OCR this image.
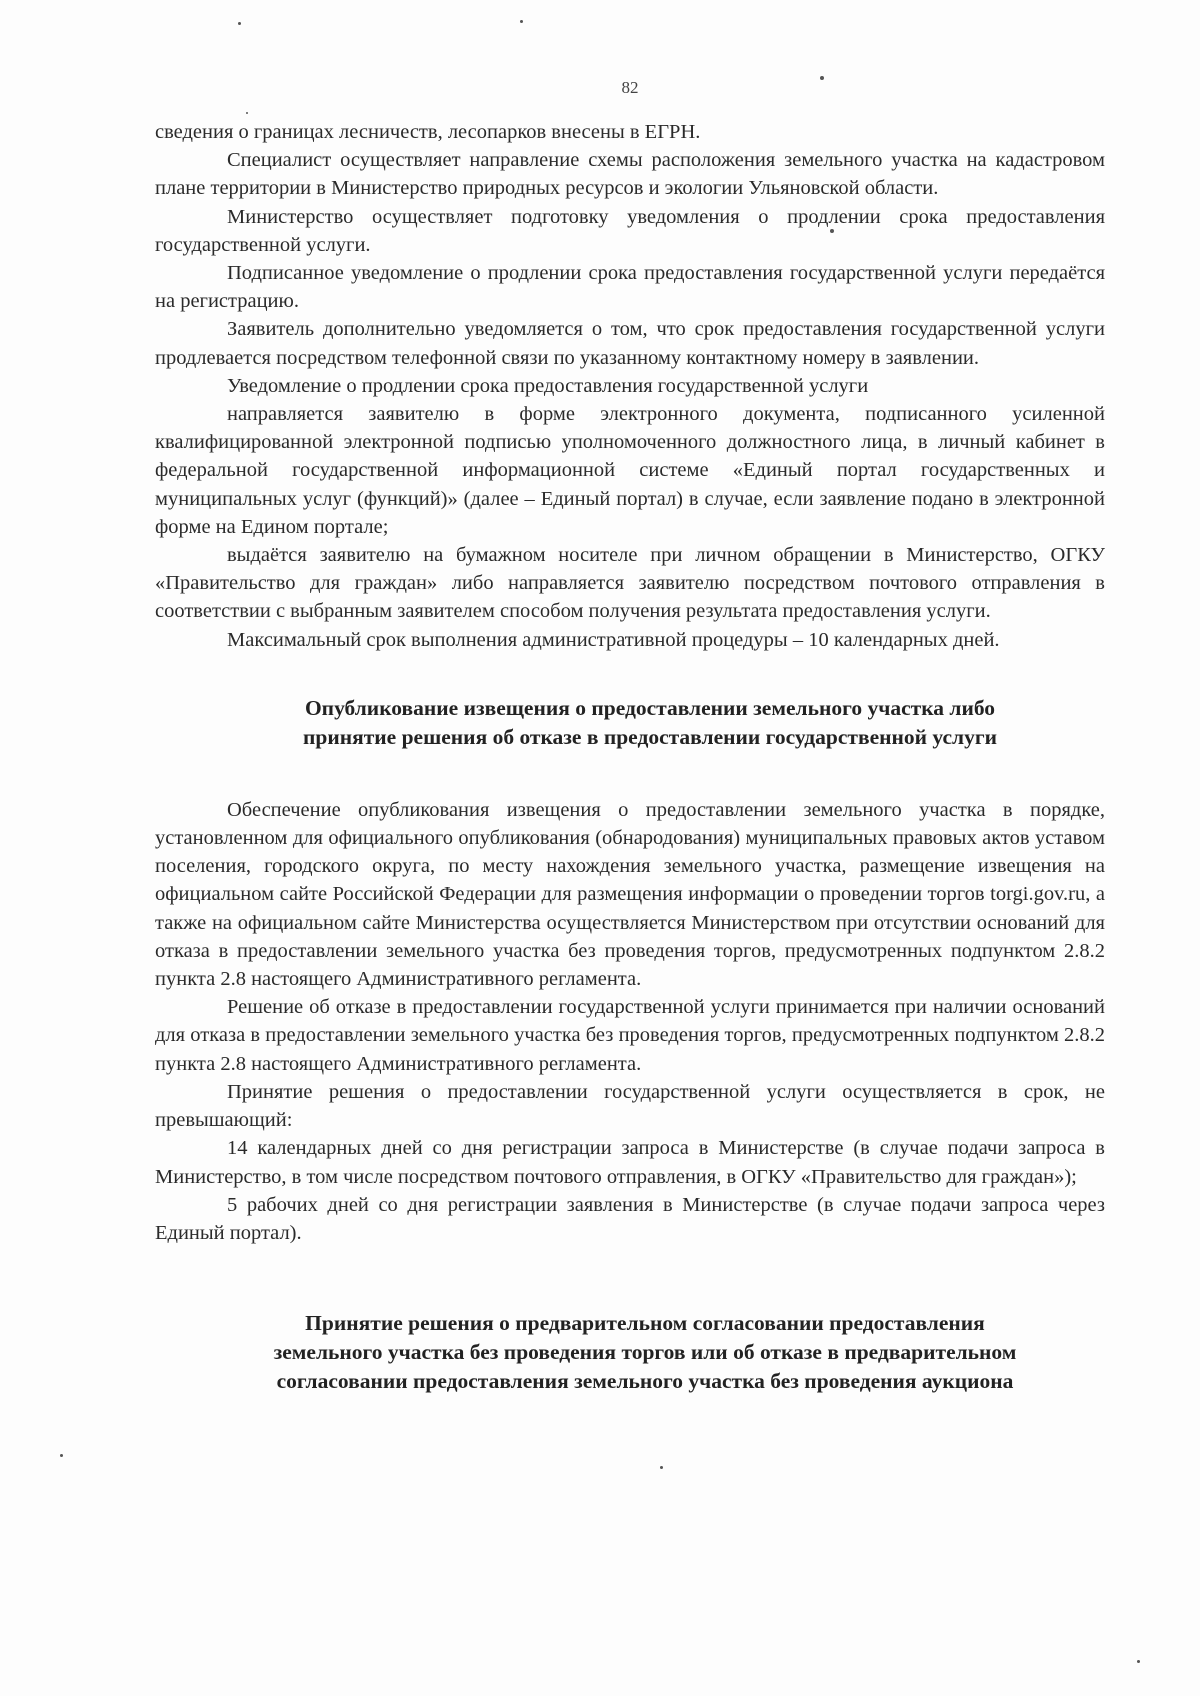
82

сведения о границах лесничеств, лесопарков внесены в ЕГРН.

Специалист осуществляет направление схемы расположения земельного участка на кадастровом плане территории в Министерство природных ресурсов и экологии Ульяновской области.

Министерство осуществляет подготовку уведомления о продлении срока предоставления государственной услуги.

Подписанное уведомление о продлении срока предоставления государственной услуги передаётся на регистрацию.

Заявитель дополнительно уведомляется о том, что срок предоставления государственной услуги продлевается посредством телефонной связи по указанному контактному номеру в заявлении.

Уведомление о продлении срока предоставления государственной услуги

направляется заявителю в форме электронного документа, подписанного усиленной квалифицированной электронной подписью уполномоченного должностного лица, в личный кабинет в федеральной государственной информационной системе «Единый портал государственных и муниципальных услуг (функций)» (далее – Единый портал) в случае, если заявление подано в электронной форме на Едином портале;

выдаётся заявителю на бумажном носителе при личном обращении в Министерство, ОГКУ «Правительство для граждан» либо направляется заявителю посредством почтового отправления в соответствии с выбранным заявителем способом получения результата предоставления услуги.

Максимальный срок выполнения административной процедуры – 10 календарных дней.

Опубликование извещения о предоставлении земельного участка либо
принятие решения об отказе в предоставлении государственной услуги

Обеспечение опубликования извещения о предоставлении земельного участка в порядке, установленном для официального опубликования (обнародования) муниципальных правовых актов уставом поселения, городского округа, по месту нахождения земельного участка, размещение извещения на официальном сайте Российской Федерации для размещения информации о проведении торгов torgi.gov.ru, а также на официальном сайте Министерства осуществляется Министерством при отсутствии оснований для отказа в предоставлении земельного участка без проведения торгов, предусмотренных подпунктом 2.8.2 пункта 2.8 настоящего Административного регламента.

Решение об отказе в предоставлении государственной услуги принимается при наличии оснований для отказа в предоставлении земельного участка без проведения торгов, предусмотренных подпунктом 2.8.2 пункта 2.8 настоящего Административного регламента.

Принятие решения о предоставлении государственной услуги осуществляется в срок, не превышающий:

14 календарных дней со дня регистрации запроса в Министерстве (в случае подачи запроса в Министерство, в том числе посредством почтового отправления, в ОГКУ «Правительство для граждан»);

5 рабочих дней со дня регистрации заявления в Министерстве (в случае подачи запроса через Единый портал).

Принятие решения о предварительном согласовании предоставления
земельного участка без проведения торгов или об отказе в предварительном
согласовании предоставления земельного участка без проведения аукциона
